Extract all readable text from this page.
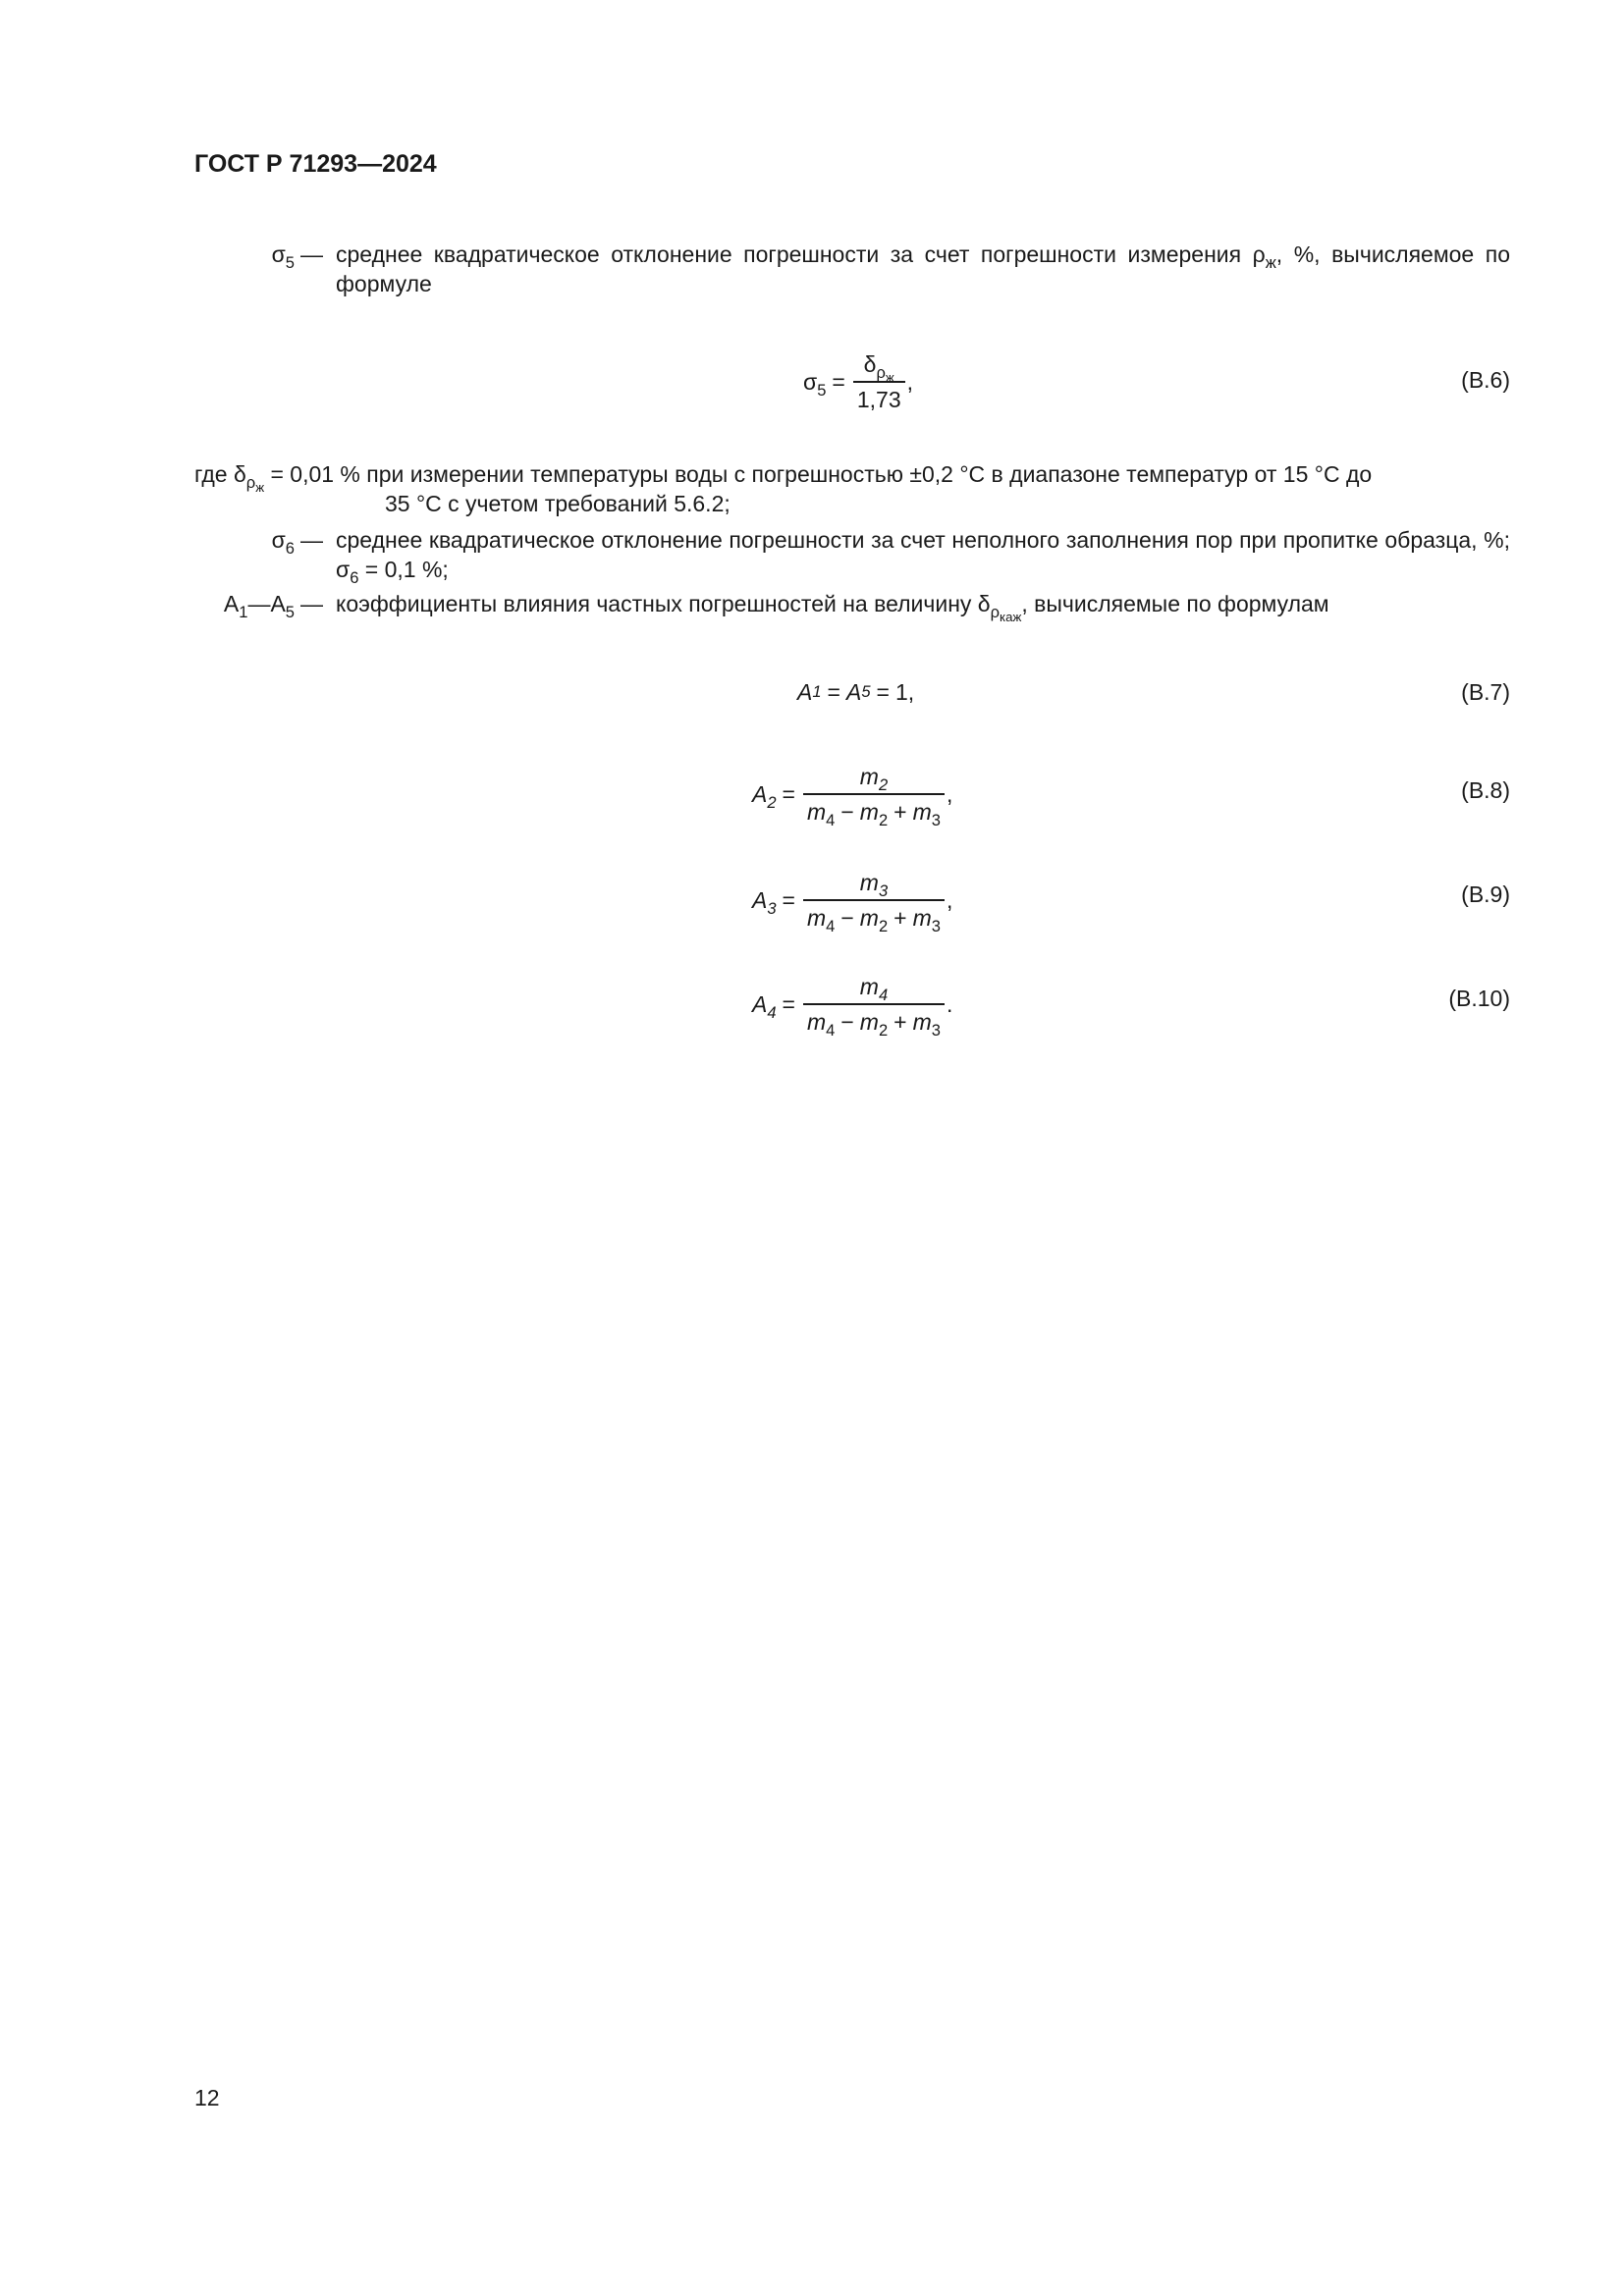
ГОСТ Р 71293—2024
$\sigma_5$ — среднее квадратическое отклонение погрешности за счет погрешности измерения $\rho_ж$, %, вычисляемое по формуле
$\sigma_5 = \frac{\delta_{\rho_ж}}{1,73}$ ,	(В.6)
где $\delta_{\rho_ж} = 0,01$ % при измерении температуры воды с погрешностью ±0,2 °С в диапазоне температур от 15 °С до
35 °С с учетом требований 5.6.2;
$\sigma_6$ — среднее квадратическое отклонение погрешности за счет неполного заполнения пор при пропитке образца, %; $\sigma_6 = 0,1$ %;
$A_1—A_5$ — коэффициенты влияния частных погрешностей на величину $\delta_{\rho_{каж}}$, вычисляемые по формулам
A 1 = A 5 = 1 ,	(В.7)
$A_2 = \frac{m_2}{m_4 - m_2 + m_3}$ ,	(В.8)
$A_3 = \frac{m_3}{m_4 - m_2 + m_3}$ ,	(В.9)
$A_4 = \frac{m_4}{m_4 - m_2 + m_3}$ .	(В.10)
12
